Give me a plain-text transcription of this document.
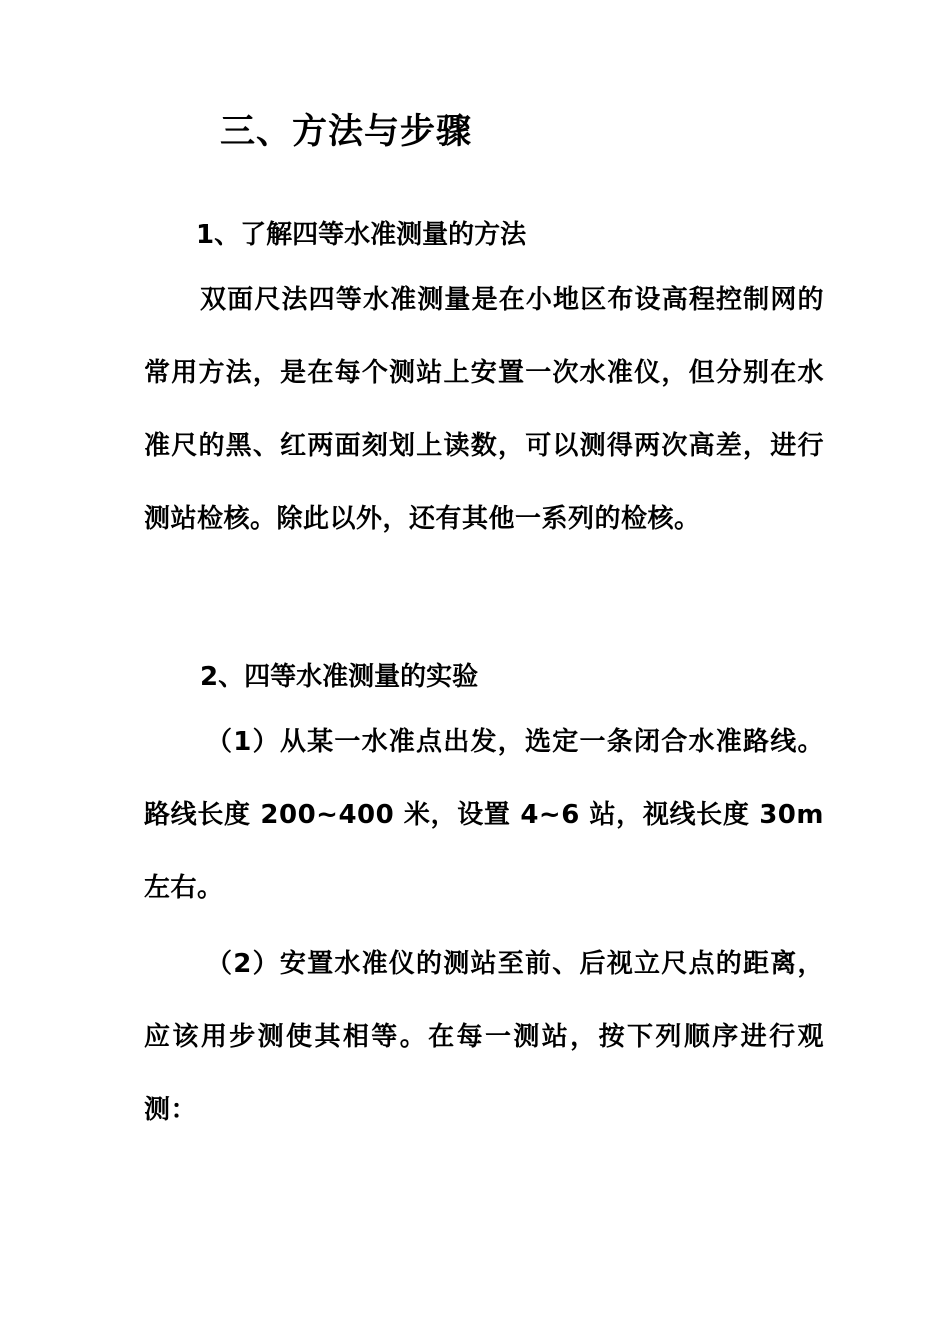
三、方法与步骤
1、了解四等水准测量的方法

双面尺法四等水准测量是在小地区布设高程控制网的常用方法，是在每个测站上安置一次水准仪，但分别在水准尺的黑、红两面刻划上读数，可以测得两次高差，进行测站检核。除此以外，还有其他一系列的检核。

2、四等水准测量的实验

（1）从某一水准点出发，选定一条闭合水准路线。路线长度 200~400 米，设置 4~6 站，视线长度 30m 左右。

（2）安置水准仪的测站至前、后视立尺点的距离，应该用步测使其相等。在每一测站，按下列顺序进行观测：
